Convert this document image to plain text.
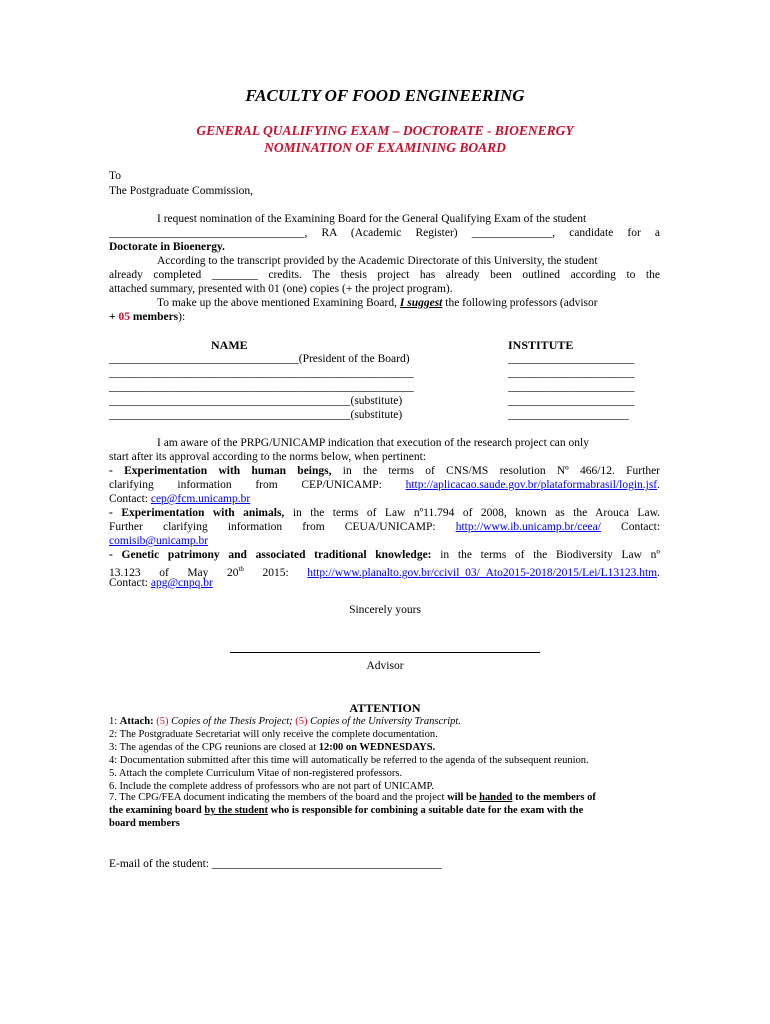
FACULTY OF FOOD ENGINEERING
GENERAL QUALIFYING EXAM – DOCTORATE - BIOENERGY
NOMINATION OF EXAMINING BOARD
To
The Postgraduate Commission,
I request nomination of the Examining Board for the General Qualifying Exam of the student
__________________________________, RA (Academic Register) ______________, candidate for a
Doctorate in Bioenergy.
According to the transcript provided by the Academic Directorate of this University, the student
already completed ________ credits. The thesis project has already been outlined according to the
attached summary, presented with 01 (one) copies (+ the project program).
To make up the above mentioned Examining Board, I suggest the following professors (advisor
+ 05 members):
NAME	INSTITUTE
_________________________________(President of the Board)	______________________
_____________________________________________________	______________________
_____________________________________________________	______________________
__________________________________________(substitute)	______________________
__________________________________________(substitute)	_____________________
I am aware of the PRPG/UNICAMP indication that execution of the research project can only
start after its approval according to the norms below, when pertinent:
- Experimentation with human beings, in the terms of CNS/MS resolution Nº 466/12. Further
clarifying information from CEP/UNICAMP: http://aplicacao.saude.gov.br/plataformabrasil/login.jsf.
Contact: cep@fcm.unicamp.br
- Experimentation with animals, in the terms of Law nº11.794 of 2008, known as the Arouca Law.
Further clarifying information from CEUA/UNICAMP: http://www.ib.unicamp.br/ceea/ Contact:
comisib@unicamp.br
- Genetic patrimony and associated traditional knowledge: in the terms of the Biodiversity Law nº
13.123 of May 20th 2015: http://www.planalto.gov.br/ccivil_03/_Ato2015-2018/2015/Lei/L13123.htm.
Contact: apg@cnpq.br
Sincerely yours
Advisor
ATTENTION
1: Attach: (5) Copies of the Thesis Project; (5) Copies of the University Transcript.
2: The Postgraduate Secretariat will only receive the complete documentation.
3: The agendas of the CPG reunions are closed at 12:00 on WEDNESDAYS.
4: Documentation submitted after this time will automatically be referred to the agenda of the subsequent reunion.
5. Attach the complete Curriculum Vitae of non-registered professors.
6. Include the complete address of professors who are not part of UNICAMP.
7. The CPG/FEA document indicating the members of the board and the project will be handed to the members of
the examining board by the student who is responsible for combining a suitable date for the exam with the
board members
E-mail of the student: ________________________________________
